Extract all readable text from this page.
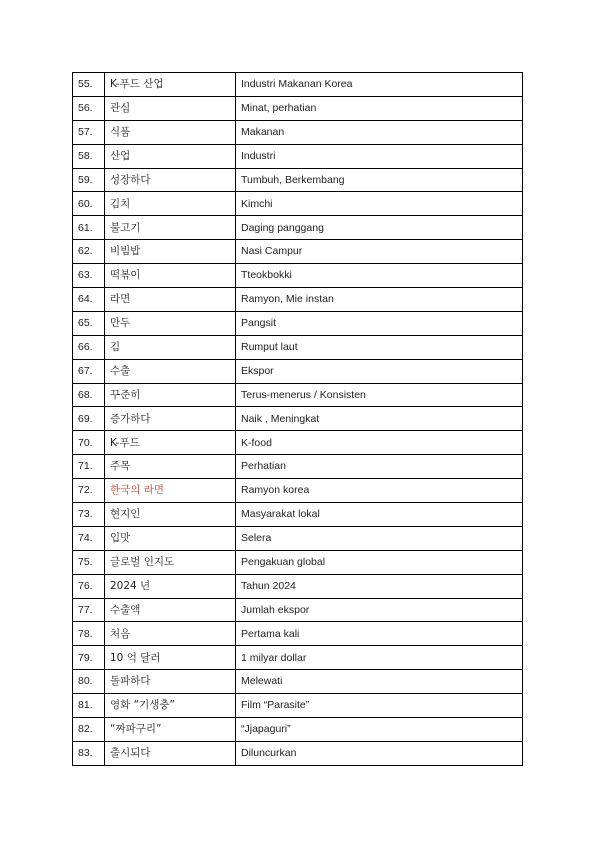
55.	K-푸드 산업	Industri Makanan Korea
56.	관심	Minat, perhatian
57.	식품	Makanan
58.	산업	Industri
59.	성장하다	Tumbuh, Berkembang
60.	김치	Kimchi
61.	불고기	Daging panggang
62.	비빔밥	Nasi Campur
63.	떡볶이	Tteokbokki
64.	라면	Ramyon, Mie instan
65.	만두	Pangsit
66.	김	Rumput laut
67.	수출	Ekspor
68.	꾸준히	Terus-menerus / Konsisten
69.	증가하다	Naik , Meningkat
70.	K-푸드	K-food
71.	주목	Perhatian
72.	한국의 라면	Ramyon korea
73.	현지인	Masyarakat lokal
74.	입맛	Selera
75.	글로벌 인지도	Pengakuan global
76.	2024 년	Tahun 2024
77.	수출액	Jumlah ekspor
78.	처음	Pertama kali
79.	10 억 달러	1 milyar dollar
80.	돌파하다	Melewati
81.	영화 “기생충”	Film “Parasite”
82.	“짜파구리”	“Jjapaguri”
83.	출시되다	Diluncurkan
